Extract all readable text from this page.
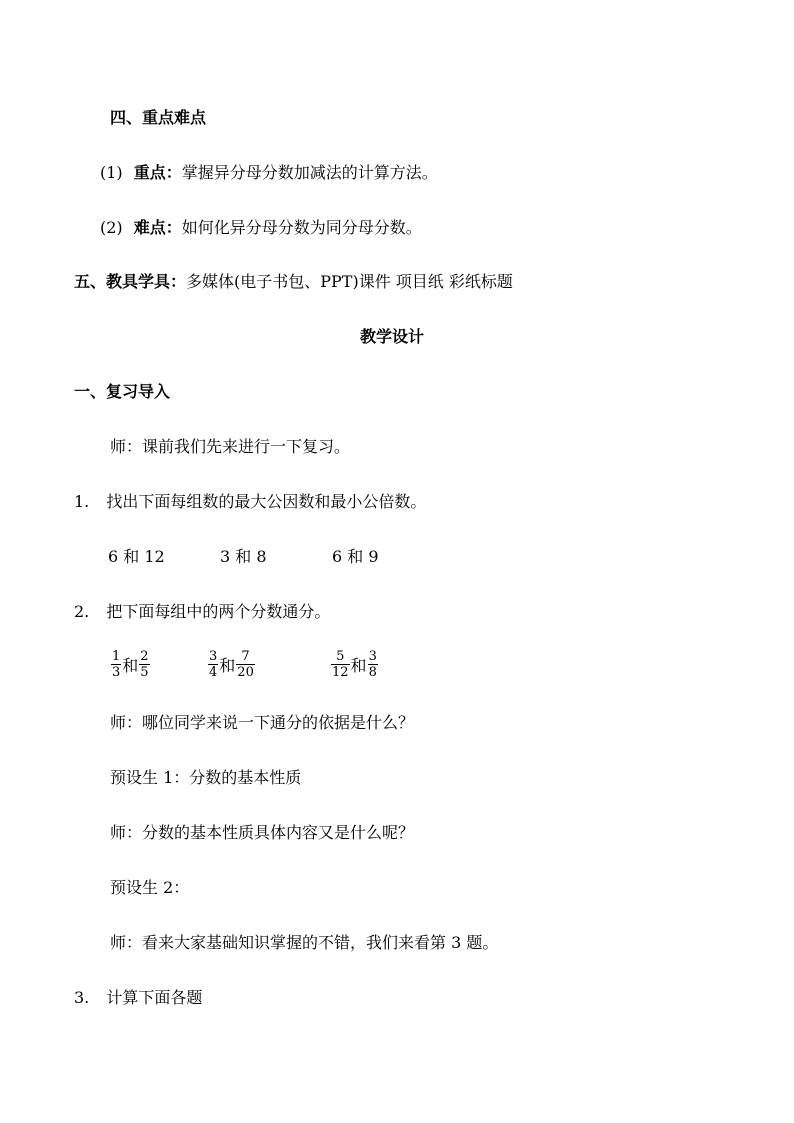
四、重点难点
(1) 重点：掌握异分母分数加减法的计算方法。
(2) 难点：如何化异分母分数为同分母分数。
五、教具学具：多媒体(电子书包、PPT)课件 项目纸 彩纸标题
教学设计
一、复习导入
师：课前我们先来进行一下复习。
1. 找出下面每组数的最大公因数和最小公倍数。
6 和 12	3 和 8	6 和 9
2. 把下面每组中的两个分数通分。
$\frac{1}{3}$ 和 $\frac{2}{5}$	$\frac{3}{4}$ 和 $\frac{7}{20}$	$\frac{5}{12}$ 和 $\frac{3}{8}$
师：哪位同学来说一下通分的依据是什么？
预设生 1：分数的基本性质
师：分数的基本性质具体内容又是什么呢？
预设生 2：
师：看来大家基础知识掌握的不错，我们来看第 3 题。
3. 计算下面各题
